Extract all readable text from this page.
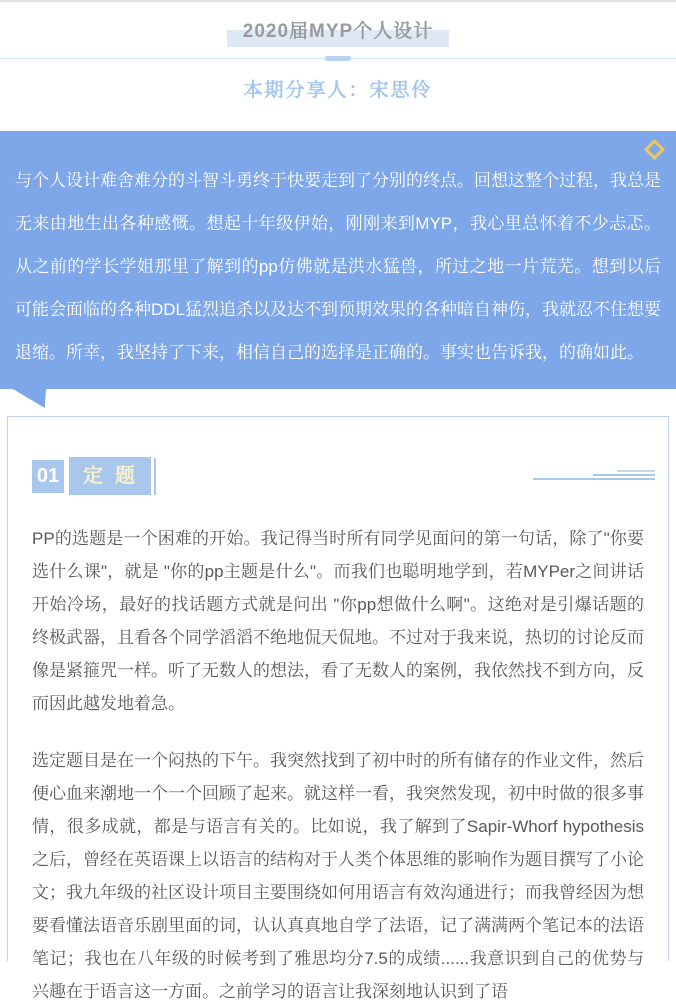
2020届MYP个人设计
本期分享人：宋思伶
与个人设计难舍难分的斗智斗勇终于快要走到了分别的终点。回想这整个过程，我总是无来由地生出各种感慨。想起十年级伊始，刚刚来到MYP，我心里总怀着不少忐忑。从之前的学长学姐那里了解到的pp仿佛就是洪水猛兽，所过之地一片荒芜。想到以后可能会面临的各种DDL猛烈追杀以及达不到预期效果的各种暗自神伤，我就忍不住想要退缩。所幸，我坚持了下来，相信自己的选择是正确的。事实也告诉我，的确如此。
01	定题

PP的选题是一个困难的开始。我记得当时所有同学见面问的第一句话，除了"你要选什么课"，就是 "你的pp主题是什么"。而我们也聪明地学到，若MYPer之间讲话开始冷场，最好的找话题方式就是问出 "你pp想做什么啊"。这绝对是引爆话题的终极武器，且看各个同学滔滔不绝地侃天侃地。不过对于我来说，热切的讨论反而像是紧箍咒一样。听了无数人的想法，看了无数人的案例，我依然找不到方向，反而因此越发地着急。

选定题目是在一个闷热的下午。我突然找到了初中时的所有储存的作业文件，然后便心血来潮地一个一个回顾了起来。就这样一看，我突然发现，初中时做的很多事情，很多成就，都是与语言有关的。比如说，我了解到了Sapir-Whorf hypothesis之后，曾经在英语课上以语言的结构对于人类个体思维的影响作为题目撰写了小论文；我九年级的社区设计项目主要围绕如何用语言有效沟通进行；而我曾经因为想要看懂法语音乐剧里面的词，认认真真地自学了法语，记了满满两个笔记本的法语笔记；我也在八年级的时候考到了雅思均分7.5的成绩......我意识到自己的优势与兴趣在于语言这一方面。之前学习的语言让我深刻地认识到了语
